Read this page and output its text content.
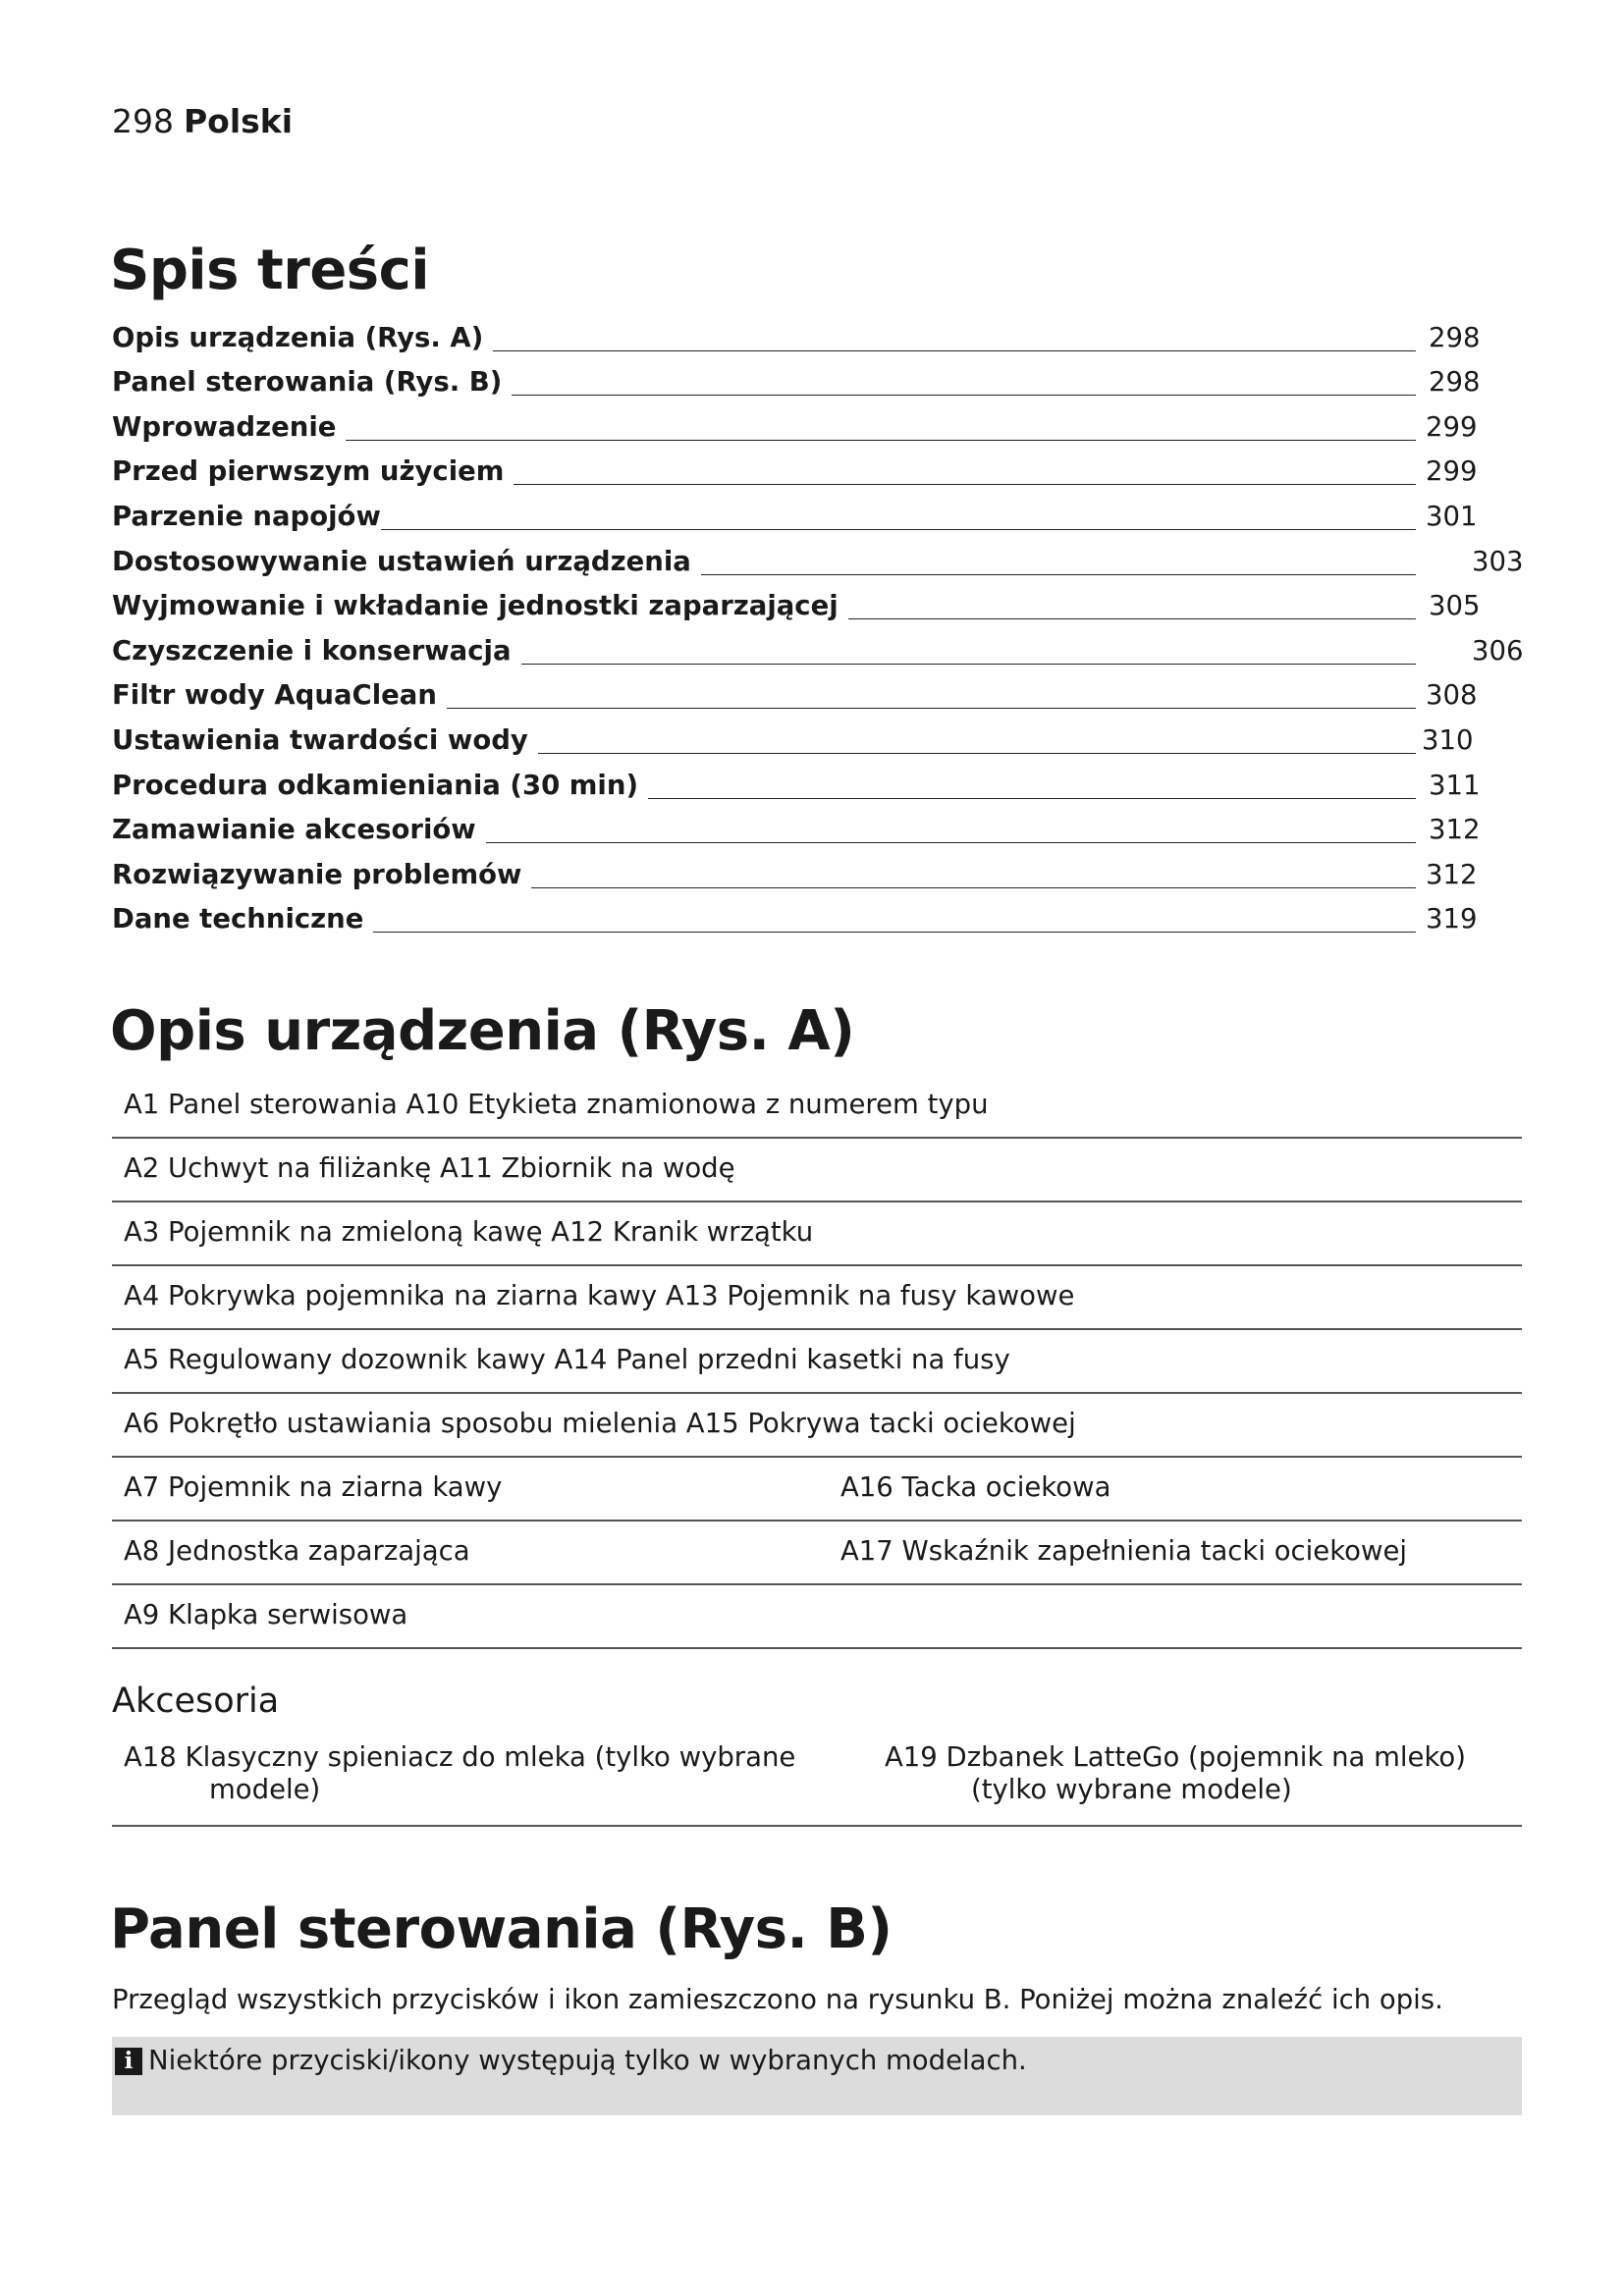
298 Polski
Spis treści
Opis urządzenia (Rys. A)	298
Panel sterowania (Rys. B)	298
Wprowadzenie	299
Przed pierwszym użyciem	299
Parzenie napojów	301
Dostosowywanie ustawień urządzenia	303
Wyjmowanie i wkładanie jednostki zaparzającej	305
Czyszczenie i konserwacja	306
Filtr wody AquaClean	308
Ustawienia twardości wody	310
Procedura odkamieniania (30 min)	311
Zamawianie akcesoriów	312
Rozwiązywanie problemów	312
Dane techniczne	319
Opis urządzenia (Rys. A)
A1 Panel sterowania A10 Etykieta znamionowa z numerem typu
A2 Uchwyt na filiżankę A11 Zbiornik na wodę
A3 Pojemnik na zmieloną kawę A12 Kranik wrzątku
A4 Pokrywka pojemnika na ziarna kawy A13 Pojemnik na fusy kawowe
A5 Regulowany dozownik kawy A14 Panel przedni kasetki na fusy
A6 Pokrętło ustawiania sposobu mielenia A15 Pokrywa tacki ociekowej
A7 Pojemnik na ziarna kawy	A16 Tacka ociekowa
A8 Jednostka zaparzająca	A17 Wskaźnik zapełnienia tacki ociekowej
A9 Klapka serwisowa
Akcesoria
A18 Klasyczny spieniacz do mleka (tylko wybrane
modele)
A19 Dzbanek LatteGo (pojemnik na mleko)
(tylko wybrane modele)
Panel sterowania (Rys. B)

Przegląd wszystkich przycisków i ikon zamieszczono na rysunku B. Poniżej można znaleźć ich opis.

i Niektóre przyciski/ikony występują tylko w wybranych modelach.
